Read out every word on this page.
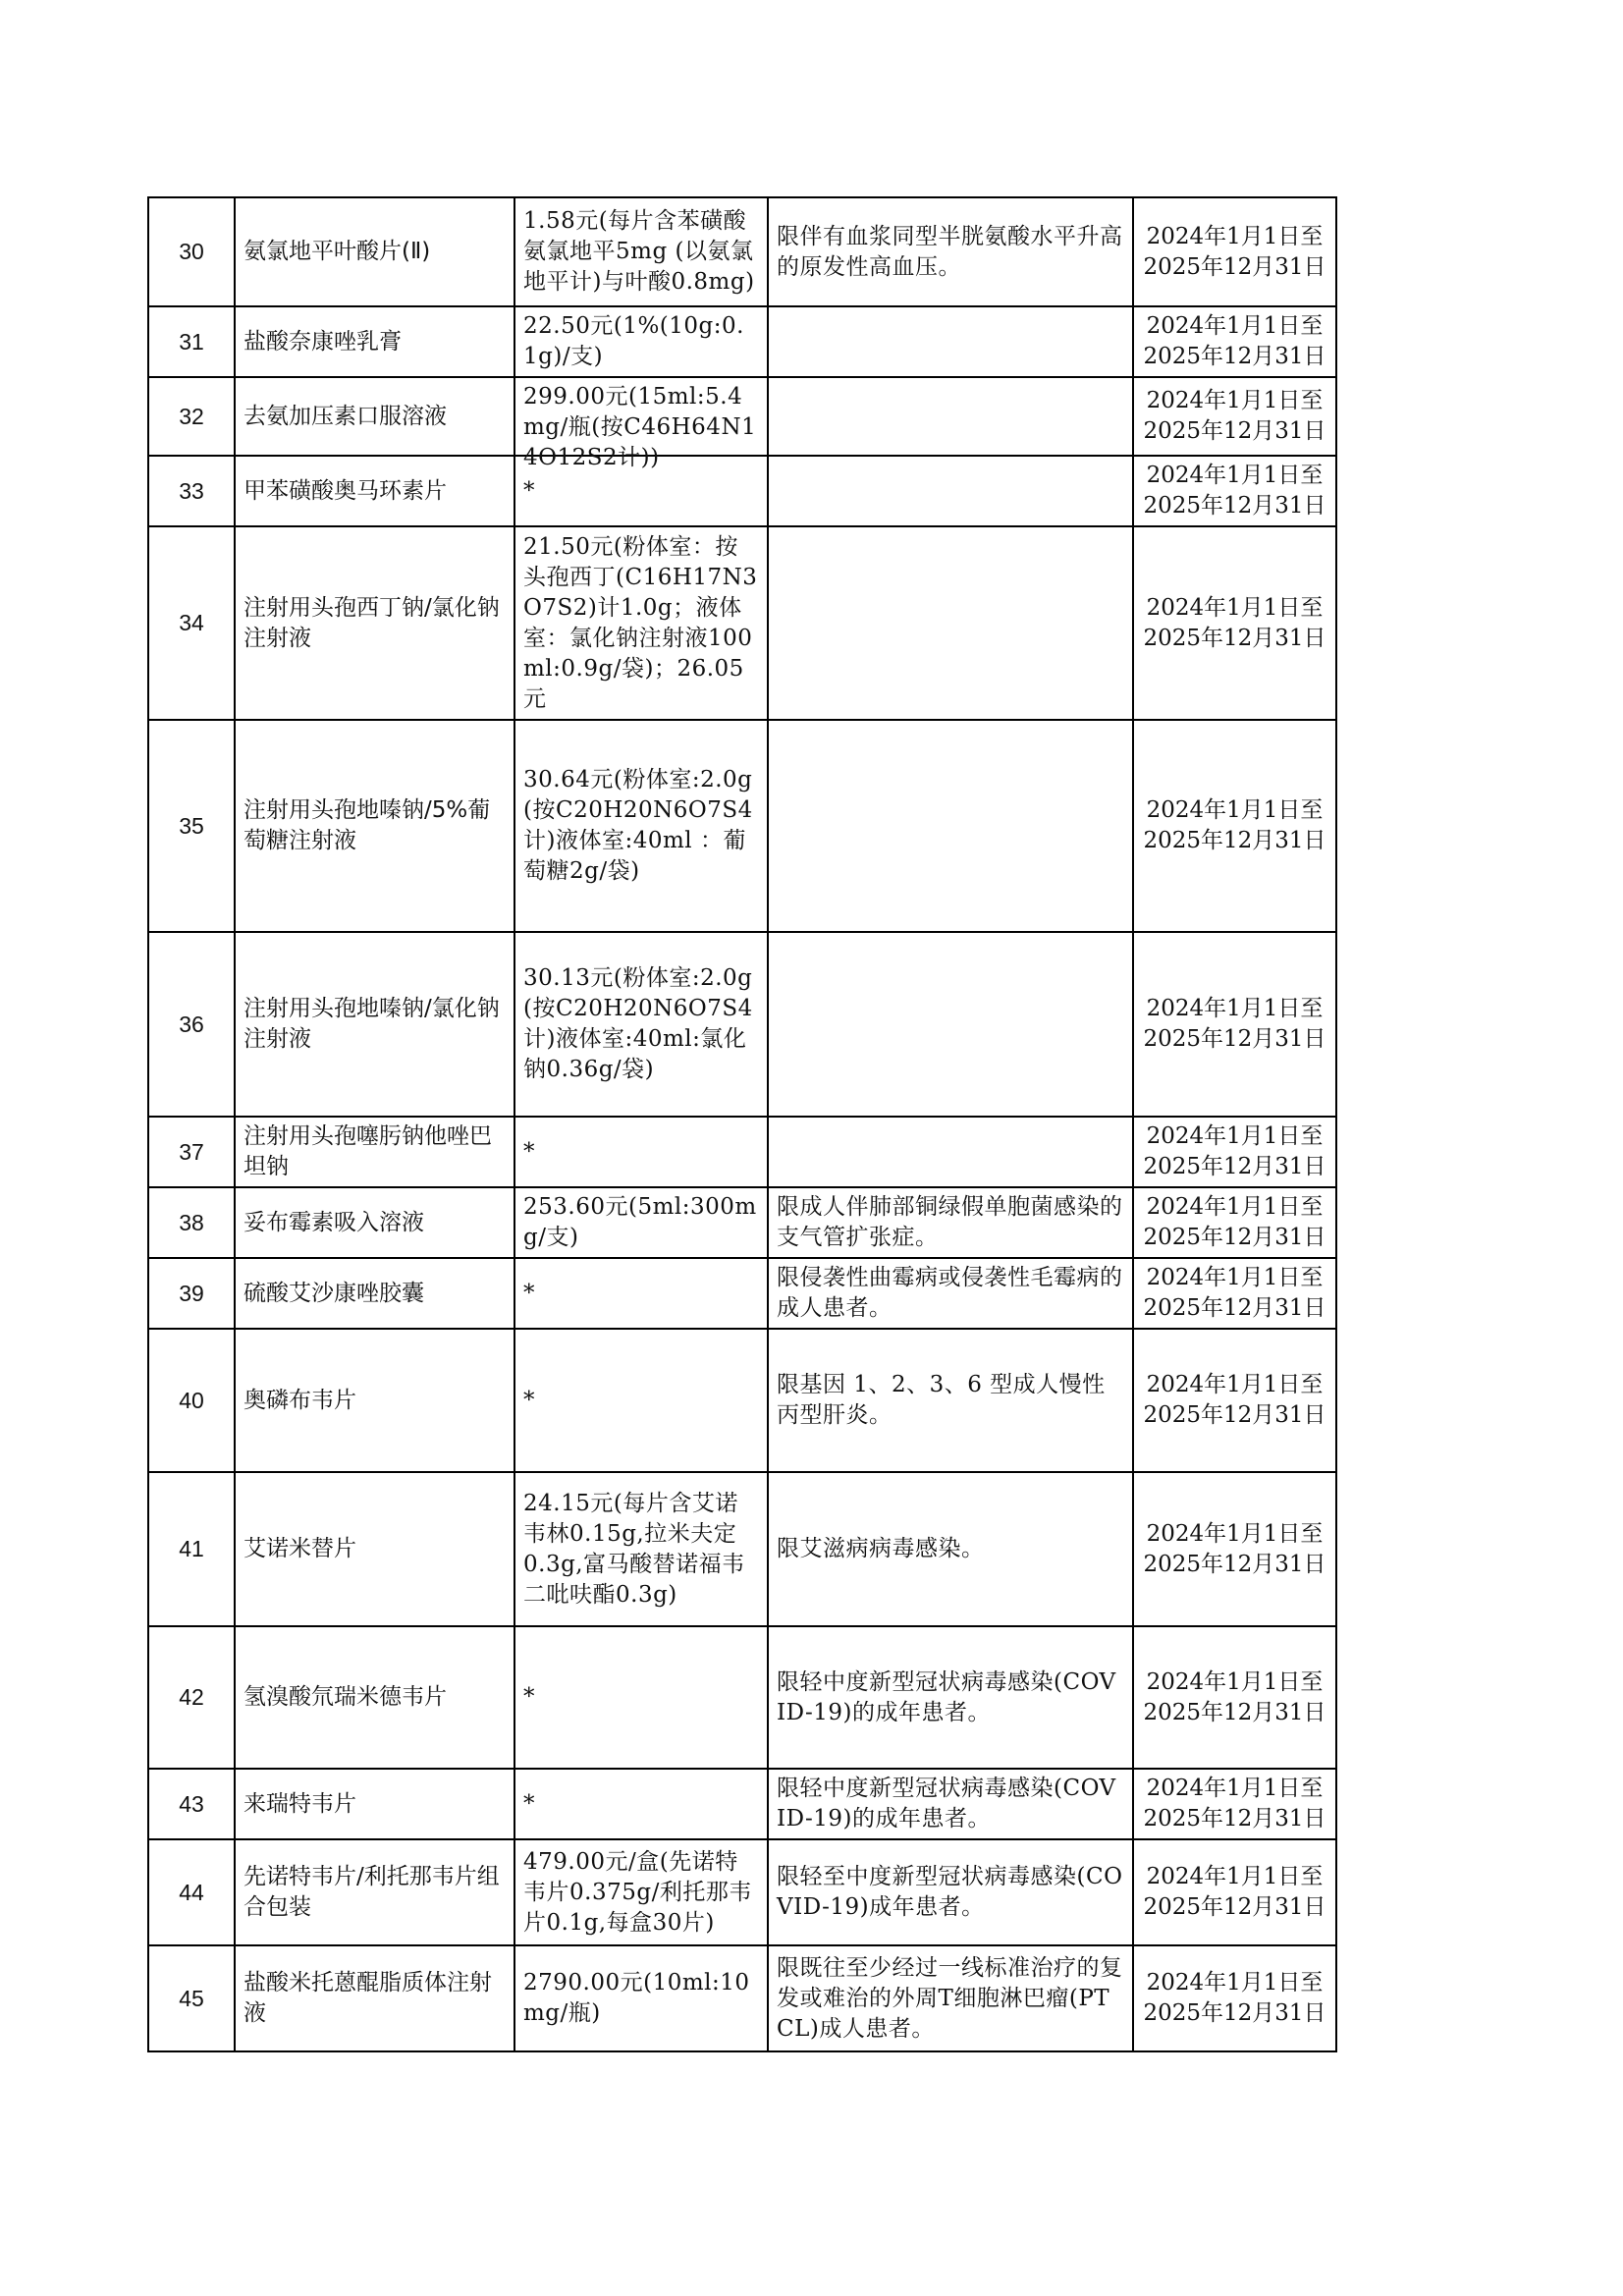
30	氨氯地平叶酸片(Ⅱ)	1.58元(每片含苯磺酸氨氯地平5mg (以氨氯地平计)与叶酸0.8mg)	限伴有血浆同型半胱氨酸水平升高的原发性高血压。	2024年1月1日至2025年12月31日
31	盐酸奈康唑乳膏	22.50元(1%(10g:0.1g)/支)		2024年1月1日至2025年12月31日
32	去氨加压素口服溶液	299.00元(15ml:5.4mg/瓶(按C46H64N14O12S2计))		2024年1月1日至2025年12月31日
33	甲苯磺酸奥马环素片	*		2024年1月1日至2025年12月31日
34	注射用头孢西丁钠/氯化钠注射液	21.50元(粉体室：按头孢西丁(C16H17N3O7S2)计1.0g；液体室：氯化钠注射液100ml:0.9g/袋)；26.05元		2024年1月1日至2025年12月31日
35	注射用头孢地嗪钠/5%葡萄糖注射液	30.64元(粉体室:2.0g(按C20H20N6O7S4计)液体室:40ml ：葡萄糖2g/袋)		2024年1月1日至2025年12月31日
36	注射用头孢地嗪钠/氯化钠注射液	30.13元(粉体室:2.0g(按C20H20N6O7S4计)液体室:40ml:氯化钠0.36g/袋)		2024年1月1日至2025年12月31日
37	注射用头孢噻肟钠他唑巴坦钠	*		2024年1月1日至2025年12月31日
38	妥布霉素吸入溶液	253.60元(5ml:300mg/支)	限成人伴肺部铜绿假单胞菌感染的支气管扩张症。	2024年1月1日至2025年12月31日
39	硫酸艾沙康唑胶囊	*	限侵袭性曲霉病或侵袭性毛霉病的成人患者。	2024年1月1日至2025年12月31日
40	奥磷布韦片	*	限基因 1、2、3、6 型成人慢性丙型肝炎。	2024年1月1日至2025年12月31日
41	艾诺米替片	24.15元(每片含艾诺韦林0.15g,拉米夫定0.3g,富马酸替诺福韦二吡呋酯0.3g)	限艾滋病病毒感染。	2024年1月1日至2025年12月31日
42	氢溴酸氘瑞米德韦片	*	限轻中度新型冠状病毒感染(COVID-19)的成年患者。	2024年1月1日至2025年12月31日
43	来瑞特韦片	*	限轻中度新型冠状病毒感染(COVID-19)的成年患者。	2024年1月1日至2025年12月31日
44	先诺特韦片/利托那韦片组合包装	479.00元/盒(先诺特韦片0.375g/利托那韦片0.1g,每盒30片)	限轻至中度新型冠状病毒感染(COVID-19)成年患者。	2024年1月1日至2025年12月31日
45	盐酸米托蒽醌脂质体注射液	2790.00元(10ml:10mg/瓶)	限既往至少经过一线标准治疗的复发或难治的外周T细胞淋巴瘤(PTCL)成人患者。	2024年1月1日至2025年12月31日
